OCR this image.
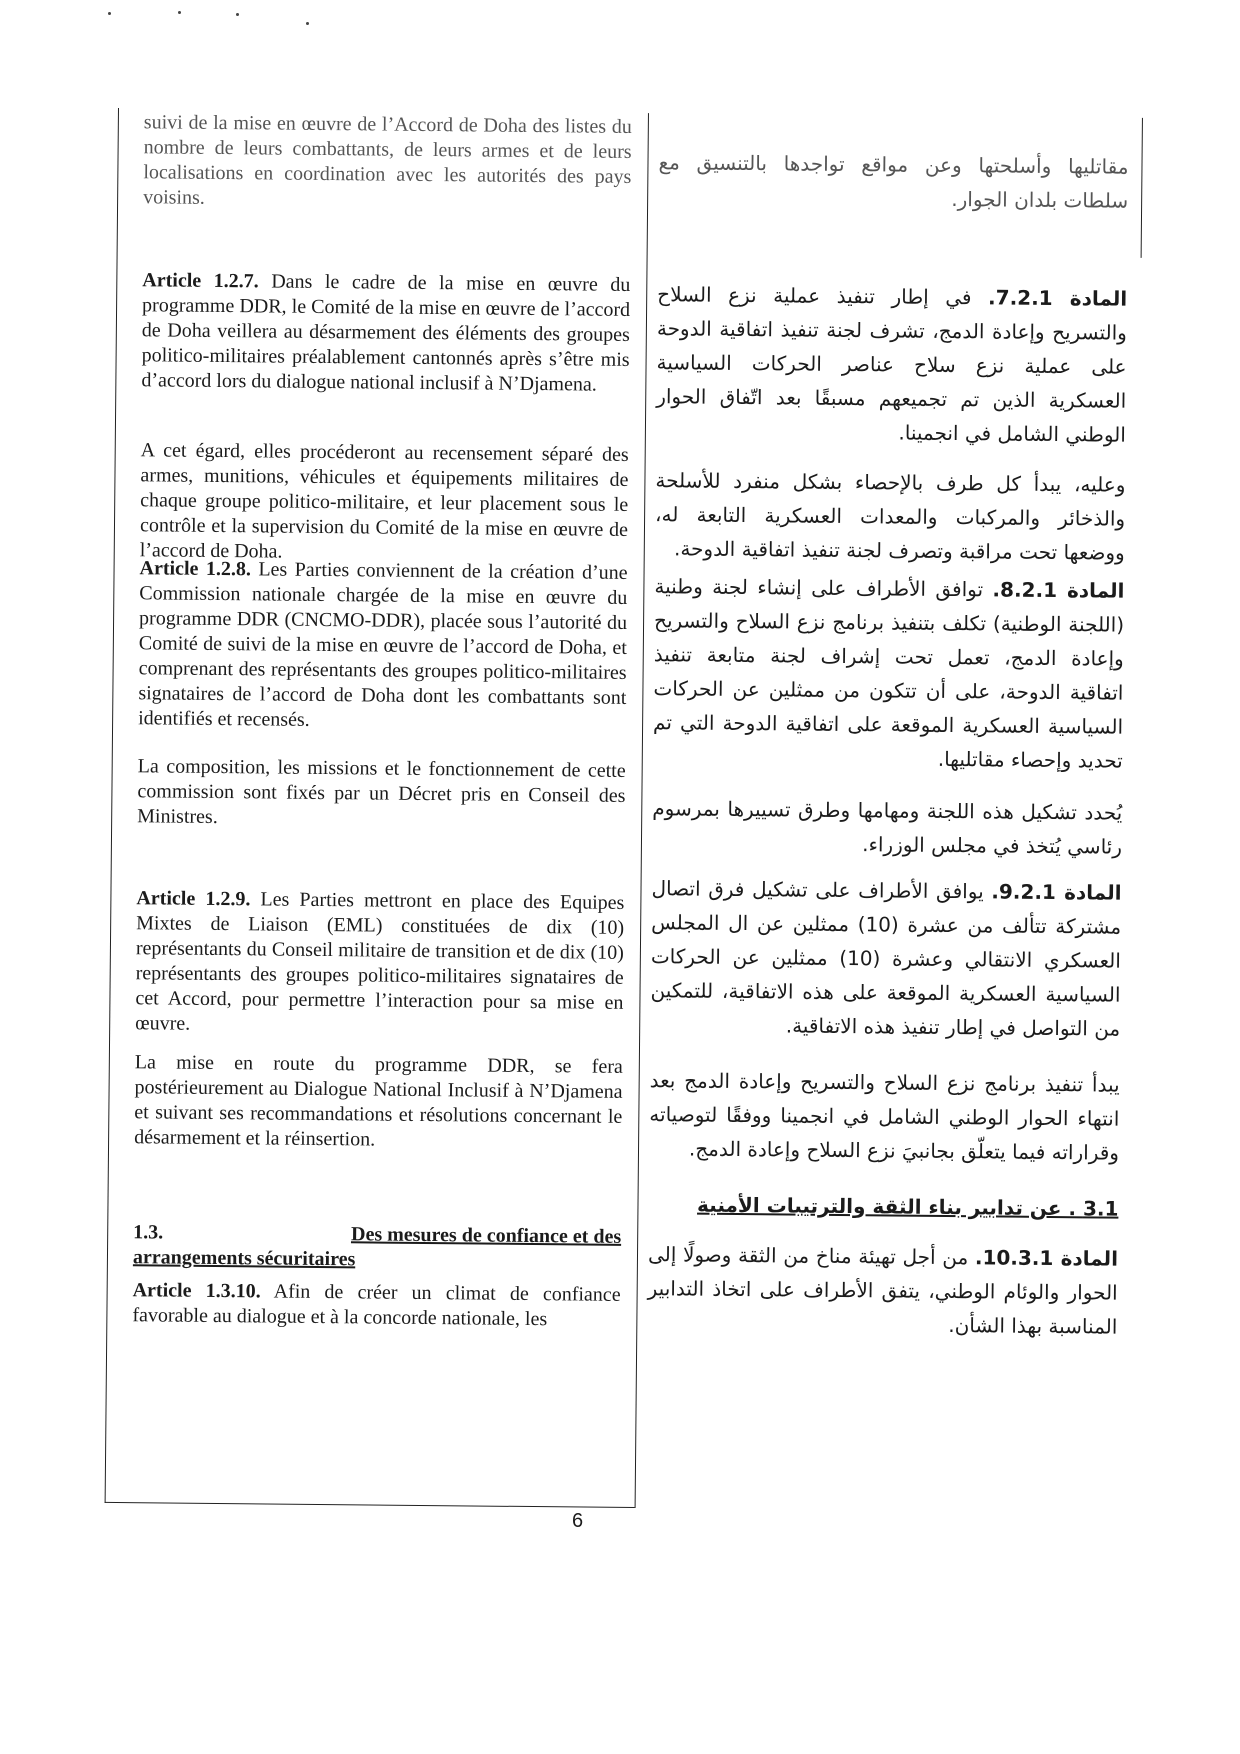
suivi de la mise en œuvre de l’Accord de Doha des listes du nombre de leurs combattants, de leurs armes et de leurs localisations en coordination avec les autorités des pays voisins.
Article 1.2.7. Dans le cadre de la mise en œuvre du programme DDR, le Comité de la mise en œuvre de l’accord de Doha veillera au désarmement des éléments des groupes politico-militaires préalablement cantonnés après s’être mis d’accord lors du dialogue national inclusif à N’Djamena.
A cet égard, elles procéderont au recensement séparé des armes, munitions, véhicules et équipements militaires de chaque groupe politico-militaire, et leur placement sous le contrôle et la supervision du Comité de la mise en œuvre de l’accord de Doha.
Article 1.2.8. Les Parties conviennent de la création d’une Commission nationale chargée de la mise en œuvre du programme DDR (CNCMO-DDR), placée sous l’autorité du Comité de suivi de la mise en œuvre de l’accord de Doha, et comprenant des représentants des groupes politico-militaires signataires de l’accord de Doha dont les combattants sont identifiés et recensés.
La composition, les missions et le fonctionnement de cette commission sont fixés par un Décret pris en Conseil des Ministres.
Article 1.2.9. Les Parties mettront en place des Equipes Mixtes de Liaison (EML) constituées de dix (10) représentants du Conseil militaire de transition et de dix (10) représentants des groupes politico-militaires signataires de cet Accord, pour permettre l’interaction pour sa mise en œuvre.
La mise en route du programme DDR, se fera postérieurement au Dialogue National Inclusif à N’Djamena et suivant ses recommandations et résolutions concernant le désarmement et la réinsertion.
1.3.	Des mesures de confiance et des
arrangements sécuritaires
Article 1.3.10. Afin de créer un climat de confiance favorable au dialogue et à la concorde nationale, les
مقاتليها وأسلحتها وعن مواقع تواجدها بالتنسيق مع سلطات بلدان الجوار.
المادة 7.2.1. في إطار تنفيذ عملية نزع السلاح والتسريح وإعادة الدمج، تشرف لجنة تنفيذ اتفاقية الدوحة على عملية نزع سلاح عناصر الحركات السياسية العسكرية الذين تم تجميعهم مسبقًا بعد اتّفاق الحوار الوطني الشامل في انجمينا.
وعليه، يبدأ كل طرف بالإحصاء بشكل منفرد للأسلحة والذخائر والمركبات والمعدات العسكرية التابعة له، ووضعها تحت مراقبة وتصرف لجنة تنفيذ اتفاقية الدوحة.
المادة 8.2.1. توافق الأطراف على إنشاء لجنة وطنية (اللجنة الوطنية) تكلف بتنفيذ برنامج نزع السلاح والتسريح وإعادة الدمج، تعمل تحت إشراف لجنة متابعة تنفيذ اتفاقية الدوحة، على أن تتكون من ممثلين عن الحركات السياسية العسكرية الموقعة على اتفاقية الدوحة التي تم تحديد وإحصاء مقاتليها.
يُحدد تشكيل هذه اللجنة ومهامها وطرق تسييرها بمرسوم رئاسي يُتخذ في مجلس الوزراء.
المادة 9.2.1. يوافق الأطراف على تشكيل فرق اتصال مشتركة تتألف من عشرة (10) ممثلين عن ال المجلس العسكري الانتقالي وعشرة (10) ممثلين عن الحركات السياسية العسكرية الموقعة على هذه الاتفاقية، للتمكين من التواصل في إطار تنفيذ هذه الاتفاقية.
يبدأ تنفيذ برنامج نزع السلاح والتسريح وإعادة الدمج بعد انتهاء الحوار الوطني الشامل في انجمينا ووفقًا لتوصياته وقراراته فيما يتعلّق بجانبيَ نزع السلاح وإعادة الدمج.
3.1 . عن تدابير بناء الثقة والترتيبات الأمنية
المادة 10.3.1. من أجل تهيئة مناخ من الثقة وصولًا إلى الحوار والوئام الوطني، يتفق الأطراف على اتخاذ التدابير المناسبة بهذا الشأن.
6
